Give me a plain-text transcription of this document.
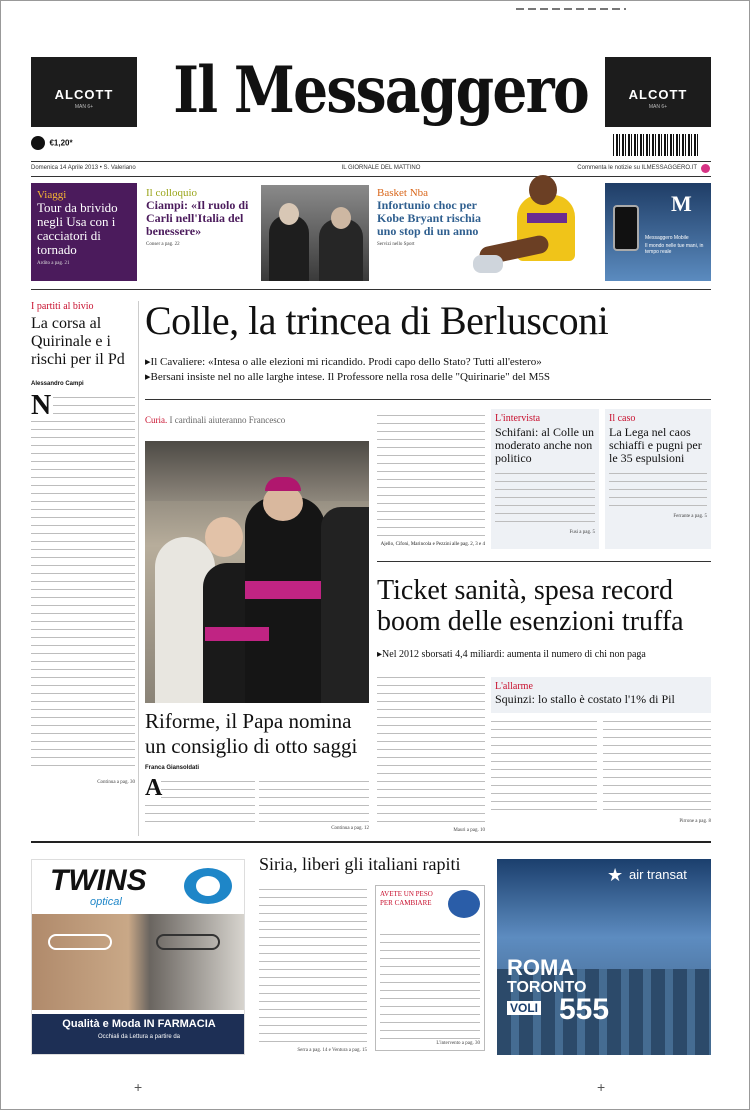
ALCOTT
MAN 6+
ALCOTT
MAN 6+
Il Messaggero
€1,20*
Domenica 14 Aprile 2013 • S. Valeriano	IL GIORNALE DEL MATTINO	Commenta le notizie su ILMESSAGGERO.IT
Viaggi
Tour da brivido negli Usa con i cacciatori di tornado
Ardito a pag. 21
Il colloquio
Ciampi: «Il ruolo di Carli nell'Italia del benessere»
Conser a pag. 22
Basket Nba
Infortunio choc per Kobe Bryant rischia uno stop di un anno
Servizi nello Sport
M
Messaggero Mobile
Il mondo nelle tue mani, in tempo reale
I partiti al bivio
La corsa al Quirinale e i rischi per il Pd
Alessandro Campi
N
Continua a pag. 30
Colle, la trincea di Berlusconi
▸Il Cavaliere: «Intesa o alle elezioni mi ricandido. Prodi capo dello Stato? Tutti all'estero»
▸Bersani insiste nel no alle larghe intese. Il Professore nella rosa delle "Quirinarie" del M5S
Curia. I cardinali aiuteranno Francesco
Riforme, il Papa nomina un consiglio di otto saggi
Franca Giansoldati
A
Continua a pag. 12
Ajello, Cifoni, Marincola e Pezzini alle pag. 2, 3 e 4
L'intervista
Schifani: al Colle un moderato anche non politico
Fusi a pag. 5
Il caso
La Lega nel caos schiaffi e pugni per le 35 espulsioni
Ferrante a pag. 5
Ticket sanità, spesa record boom delle esenzioni truffa
▸Nel 2012 sborsati 4,4 miliardi: aumenta il numero di chi non paga
Mauri a pag. 10
L'allarme
Squinzi: lo stallo è costato l'1% di Pil
Pirrone a pag. 8
TWINS
optical
Qualità e Moda IN FARMACIA
Occhiali da Lettura a partire da
Siria, liberi gli italiani rapiti
Serra a pag. 14 e Ventura a pag. 15
AVETE UN PESO PER CAMBIARE
L'intervento a pag. 30
★ air transat
ROMA
TORONTO
VOLI 555
+	+
